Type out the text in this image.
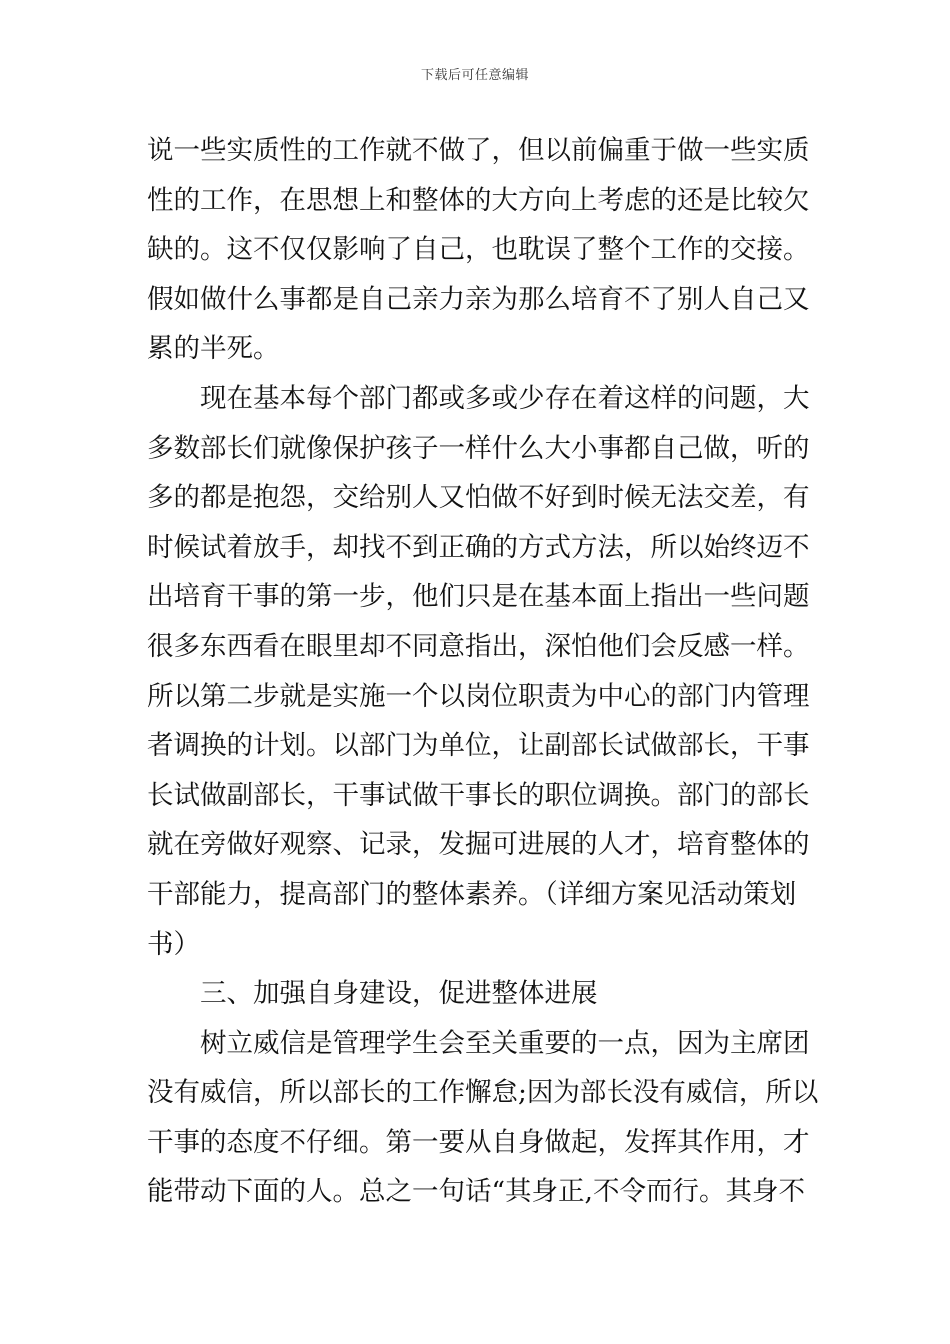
下载后可任意编辑
说一些实质性的工作就不做了，但以前偏重于做一些实质
性的工作，在思想上和整体的大方向上考虑的还是比较欠
缺的。这不仅仅影响了自己，也耽误了整个工作的交接。
假如做什么事都是自己亲力亲为那么培育不了别人自己又
累的半死。
现在基本每个部门都或多或少存在着这样的问题，大
多数部长们就像保护孩子一样什么大小事都自己做，听的
多的都是抱怨，交给别人又怕做不好到时候无法交差，有
时候试着放手，却找不到正确的方式方法，所以始终迈不
出培育干事的第一步，他们只是在基本面上指出一些问题
很多东西看在眼里却不同意指出，深怕他们会反感一样。
所以第二步就是实施一个以岗位职责为中心的部门内管理
者调换的计划。以部门为单位，让副部长试做部长，干事
长试做副部长，干事试做干事长的职位调换。部门的部长
就在旁做好观察、记录，发掘可进展的人才，培育整体的
干部能力，提高部门的整体素养。（详细方案见活动策划
书）
三、加强自身建设，促进整体进展
树立威信是管理学生会至关重要的一点，因为主席团
没有威信，所以部长的工作懈怠;因为部长没有威信，所以
干事的态度不仔细。第一要从自身做起，发挥其作用，才
能带动下面的人。总之一句话“其身正,不令而行。其身不
